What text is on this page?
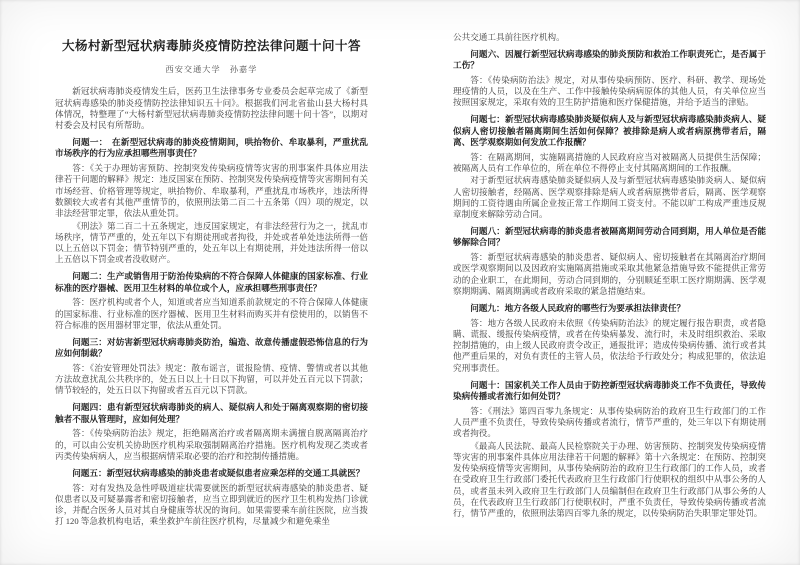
大杨村新型冠状病毒肺炎疫情防控法律问题十问十答
西安交通大学　孙嘉学

新冠状病毒肺炎疫情发生后，医药卫生法律事务专业委员会起草完成了《新型冠状病毒感染的肺炎疫情防控法律知识五十问》。根据我们河北省盐山县大杨村具体情况，特整理了“大杨村新型冠状病毒肺炎疫情防控法律问题十问十答”，以期对村委会及村民有所帮助。

问题一：　在新型冠状病毒的肺炎疫情期间，哄抬物价、牟取暴利，严重扰乱市场秩序的行为应承担哪些刑事责任？

答：《关于办理妨害预防、控制突发传染病疫情等灾害的刑事案件具体应用法律若干问题的解释》规定：违反国家在预防、控制突发传染病疫情等灾害期间有关市场经营、价格管理等规定，哄抬物价、牟取暴利，严重扰乱市场秩序，违法所得数额较大或者有其他严重情节的，依照刑法第二百二十五条第（四）项的规定，以非法经营罪定罪，依法从重处罚。

《刑法》第二百二十五条规定，违反国家规定，有非法经营行为之一，扰乱市场秩序，情节严重的，处五年以下有期徒刑或者拘役，并处或者单处违法所得一倍以上五倍以下罚金；情节特别严重的，处五年以上有期徒刑，并处违法所得一倍以上五倍以下罚金或者没收财产。

问题二：生产或销售用于防治传染病的不符合保障人体健康的国家标准、行业标准的医疗器械、医用卫生材料的单位或个人，应承担哪些刑事责任？

答：医疗机构或者个人，知道或者应当知道系前款规定的不符合保障人体健康的国家标准、行业标准的医疗器械、医用卫生材料而购买并有偿使用的，以销售不符合标准的医用器材罪定罪，依法从重处罚。

问题三：对妨害新型冠状病毒肺炎防治，编造、故意传播虚假恐怖信息的行为应如何制裁？

答：《治安管理处罚法》规定：散布谣言，谎报险情、疫情、警情或者以其他方法故意扰乱公共秩序的，处五日以上十日以下拘留，可以并处五百元以下罚款；情节较轻的，处五日以下拘留或者五百元以下罚款。

问题四：患有新型冠状病毒肺炎的病人、疑似病人和处于隔离观察期的密切接触者不服从管理时，应如何处理？

答：《传染病防治法》规定，拒绝隔离治疗或者隔离期未满擅自脱离隔离治疗的，可以由公安机关协助医疗机构采取强制隔离治疗措施。医疗机构发现乙类或者丙类传染病病人，应当根据病情采取必要的治疗和控制传播措施。

问题五：新型冠状病毒感染的肺炎患者或疑似患者应乘怎样的交通工具就医？

答：对有发热及急性呼吸道症状需要就医的新型冠状病毒感染的肺炎患者、疑似患者以及可疑暴露者和密切接触者，应当立即到就近的医疗卫生机构发热门诊就诊，并配合医务人员对其自身健康等状况的询问。如果需要乘车前往医院，应当拨打 120 等急救机构电话，乘坐救护车前往医疗机构，尽量减少和避免乘坐

公共交通工具前往医疗机构。

问题六、因履行新型冠状病毒感染的肺炎预防和救治工作职责死亡，是否属于工伤？

答：《传染病防治法》规定，对从事传染病预防、医疗、科研、教学、现场处理疫情的人员，以及在生产、工作中接触传染病病原体的其他人员，有关单位应当按照国家规定，采取有效的卫生防护措施和医疗保健措施，并给予适当的津贴。

问题七：新型冠状病毒感染肺炎疑似病人及与新型冠状病毒感染肺炎病人、疑似病人密切接触者隔离期间生活如何保障？被排除是病人或者病原携带者后，隔离、医学观察期如何发放工作报酬？

答：在隔离期间，实施隔离措施的人民政府应当对被隔离人员提供生活保障；被隔离人员有工作单位的，所在单位不得停止支付其隔离期间的工作报酬。

对于新型冠状病毒感染肺炎疑似病人及与新型冠状病毒感染肺炎病人、疑似病人密切接触者，经隔离、医学观察排除是病人或者病原携带者后，隔离、医学观察期间的工资待遇由所属企业按正常工作期间工资支付。不能以旷工构成严重违反规章制度来解除劳动合同。

问题八：新型冠状病毒的肺炎患者被隔离期间劳动合同到期，用人单位是否能够解除合同？

答：新型冠状病毒感染的肺炎患者、疑似病人、密切接触者在其隔离治疗期间或医学观察期间以及因政府实施隔离措施或采取其他紧急措施导致不能提供正常劳动的企业职工，在此期间，劳动合同到期的，分别顺延至职工医疗期期满、医学观察期期满、隔离期满或者政府采取的紧急措施结束。

问题九：地方各级人民政府的哪些行为要承担法律责任？

答：地方各级人民政府未依照《传染病防治法》的规定履行报告职责，或者隐瞒、谎报、缓报传染病疫情，或者在传染病暴发、流行时，未及时组织救治、采取控制措施的，由上级人民政府责令改正，通报批评；造成传染病传播、流行或者其他严重后果的，对负有责任的主管人员，依法给予行政处分；构成犯罪的，依法追究刑事责任。

问题十：国家机关工作人员由于防控新型冠状病毒肺炎工作不负责任，导致传染病传播或者流行如何处罚？

答：《刑法》第四百零九条规定：从事传染病防治的政府卫生行政部门的工作人员严重不负责任，导致传染病传播或者流行，情节严重的，处三年以下有期徒刑或者拘役。

《最高人民法院、最高人民检察院关于办理、妨害预防、控制突发传染病疫情等灾害的刑事案件具体应用法律若干问题的解释》第十六条规定：在预防、控制突发传染病疫情等灾害期间，从事传染病防治的政府卫生行政部门的工作人员，或者在受政府卫生行政部门委托代表政府卫生行政部门行使职权的组织中从事公务的人员，或者虽未列入政府卫生行政部门人员编制但在政府卫生行政部门从事公务的人员，在代表政府卫生行政部门行使职权时，严重不负责任，导致传染病传播或者流行，情节严重的，依照刑法第四百零九条的规定，以传染病防治失职罪定罪处罚。
